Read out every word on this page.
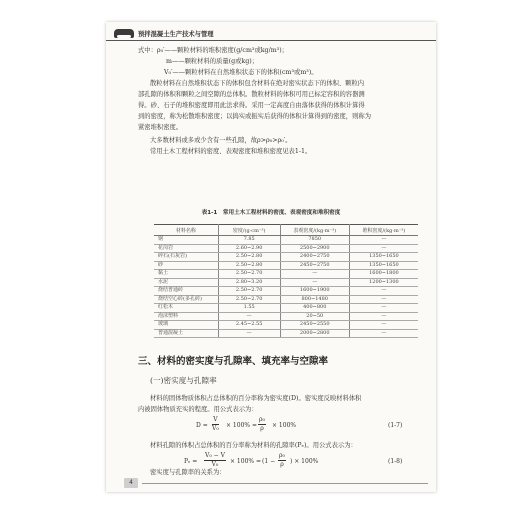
预拌混凝土生产技术与管理
式中：ρ₀′——颗粒材料的堆积密度(g/cm³或kg/m³)；
m——颗粒材料的质量(g或kg)；
V₀′——颗粒材料在自然堆积状态下的体积(cm³或m³)。
散粒材料在自然堆积状态下的体积包含材料在绝对密实状态下的体积、颗粒内
部孔隙的体积和颗粒之间空隙的总体积。散粒材料的体积可用已标定容积的容器测
得。砂、石子的堆积密度即用此法求得。采用一定高度自由落体获得的体积计算得
到的密度，称为松散堆积密度；以捣实或振实后获得的体积计算得到的密度，则称为
紧密堆积密度。
大多数材料或多或少含有一些孔隙，故ρ>ρ₀>ρ₀′。
常用土木工程材料的密度、表观密度和堆积密度见表1-1。
表1-1　常用土木工程材料的密度、表观密度和堆积密度
材料名称	密度/(g·cm⁻³)	表观密度/(kg·m⁻³)	堆积密度/(kg·m⁻³)
钢	7.85	7850	—
花岗岩	2.60~2.90	2500~2900	—
碎石(石灰岩)	2.50~2.80	2400~2750	1350~1650
砂	2.50~2.80	2450~2750	1350~1650
黏土	2.50~2.70	—	1600~1800
水泥	2.80~3.20	—	1200~1300
烧结普通砖	2.50~2.70	1600~1900	—
烧结空心砖(多孔砖)	2.50~2.70	800~1480	—
红松木	1.55	400~800	—
泡沫塑料	—	20~50	—
玻璃	2.45~2.55	2450~2550	—
普通混凝土	—	2000~2800	—
三、材料的密实度与孔隙率、填充率与空隙率
(一)密实度与孔隙率
材料的固体物质体积占总体积的百分率称为密实度(D)。密实度反映材料体积
内被固体物质充实的程度。用公式表示为：
$D = \frac{V}{\text{V₀}} \times 100\% = \frac{\text{ρ₀}}{\rho} \times 100\%$	(1-7)
材料孔隙的体积占总体积的百分率称为材料的孔隙率(Pₑ)。用公式表示为：
$P_e = \frac{\text{V₀ − V}}{\text{V₀}} \times 100\% = (1 - \frac{\text{ρ₀}}{\rho}$ ) × 100%	(1-8)
密实度与孔隙率的关系为：
4
